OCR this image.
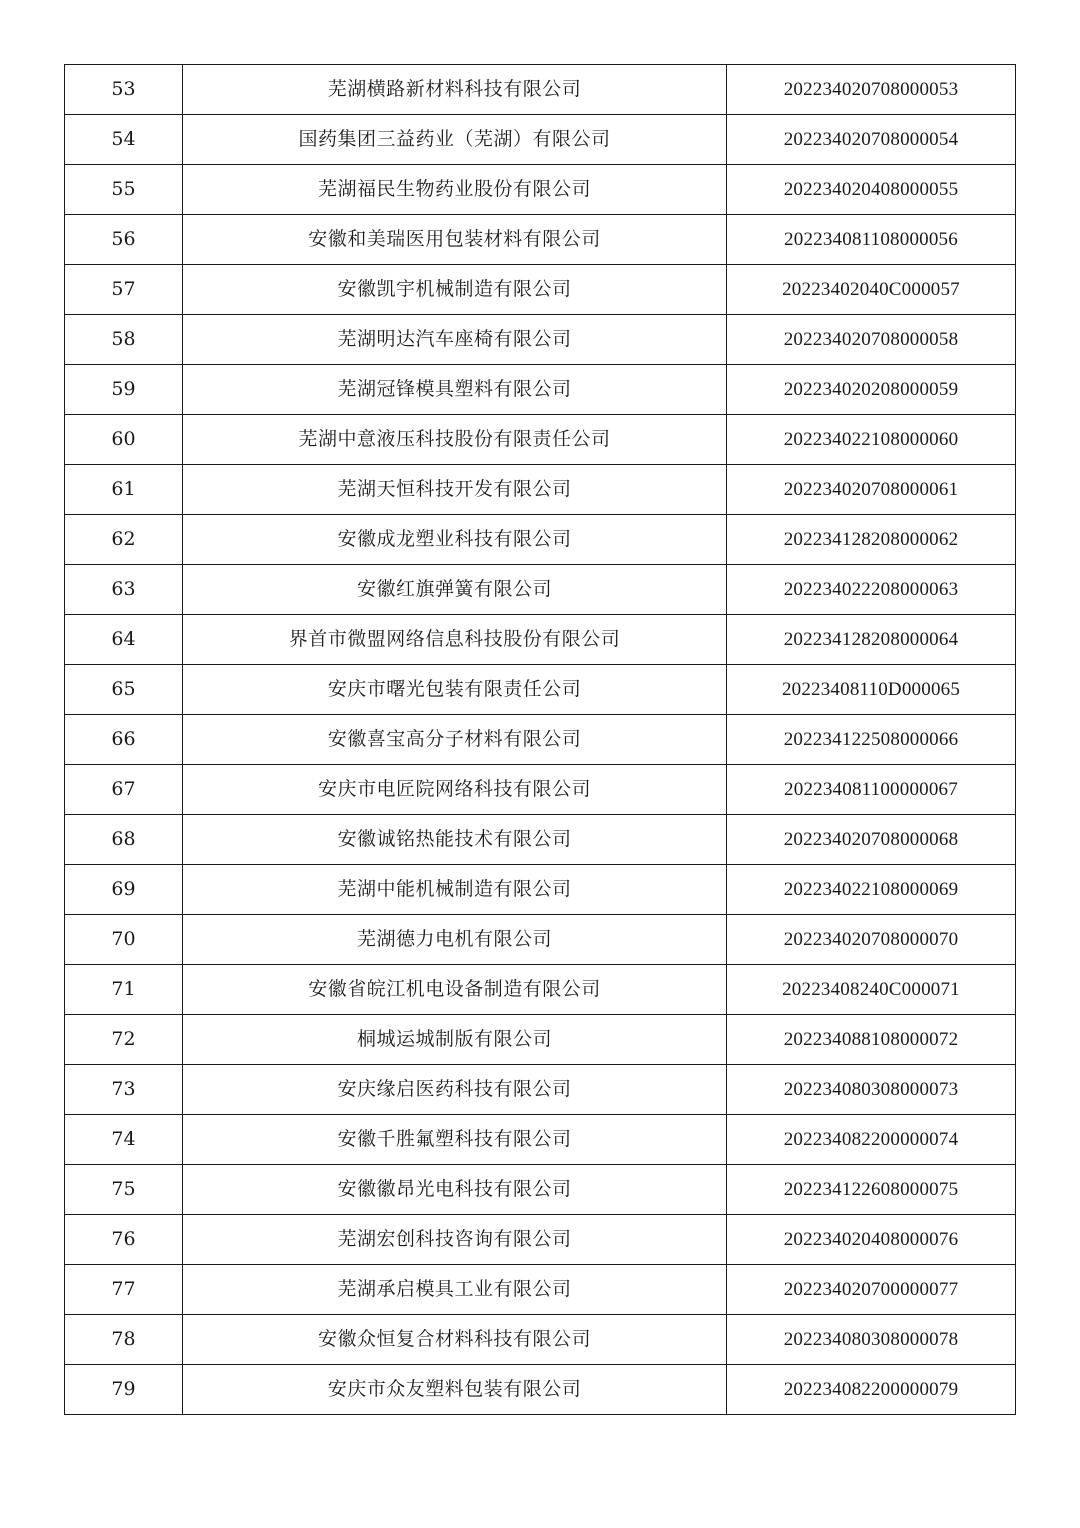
53	芜湖横路新材料科技有限公司	202234020708000053
54	国药集团三益药业（芜湖）有限公司	202234020708000054
55	芜湖福民生物药业股份有限公司	202234020408000055
56	安徽和美瑞医用包装材料有限公司	202234081108000056
57	安徽凯宇机械制造有限公司	20223402040C000057
58	芜湖明达汽车座椅有限公司	202234020708000058
59	芜湖冠锋模具塑料有限公司	202234020208000059
60	芜湖中意液压科技股份有限责任公司	202234022108000060
61	芜湖天恒科技开发有限公司	202234020708000061
62	安徽成龙塑业科技有限公司	202234128208000062
63	安徽红旗弹簧有限公司	202234022208000063
64	界首市微盟网络信息科技股份有限公司	202234128208000064
65	安庆市曙光包装有限责任公司	20223408110D000065
66	安徽喜宝高分子材料有限公司	202234122508000066
67	安庆市电匠院网络科技有限公司	202234081100000067
68	安徽诚铭热能技术有限公司	202234020708000068
69	芜湖中能机械制造有限公司	202234022108000069
70	芜湖德力电机有限公司	202234020708000070
71	安徽省皖江机电设备制造有限公司	20223408240C000071
72	桐城运城制版有限公司	202234088108000072
73	安庆缘启医药科技有限公司	202234080308000073
74	安徽千胜氟塑科技有限公司	202234082200000074
75	安徽徽昂光电科技有限公司	202234122608000075
76	芜湖宏创科技咨询有限公司	202234020408000076
77	芜湖承启模具工业有限公司	202234020700000077
78	安徽众恒复合材料科技有限公司	202234080308000078
79	安庆市众友塑料包装有限公司	202234082200000079
